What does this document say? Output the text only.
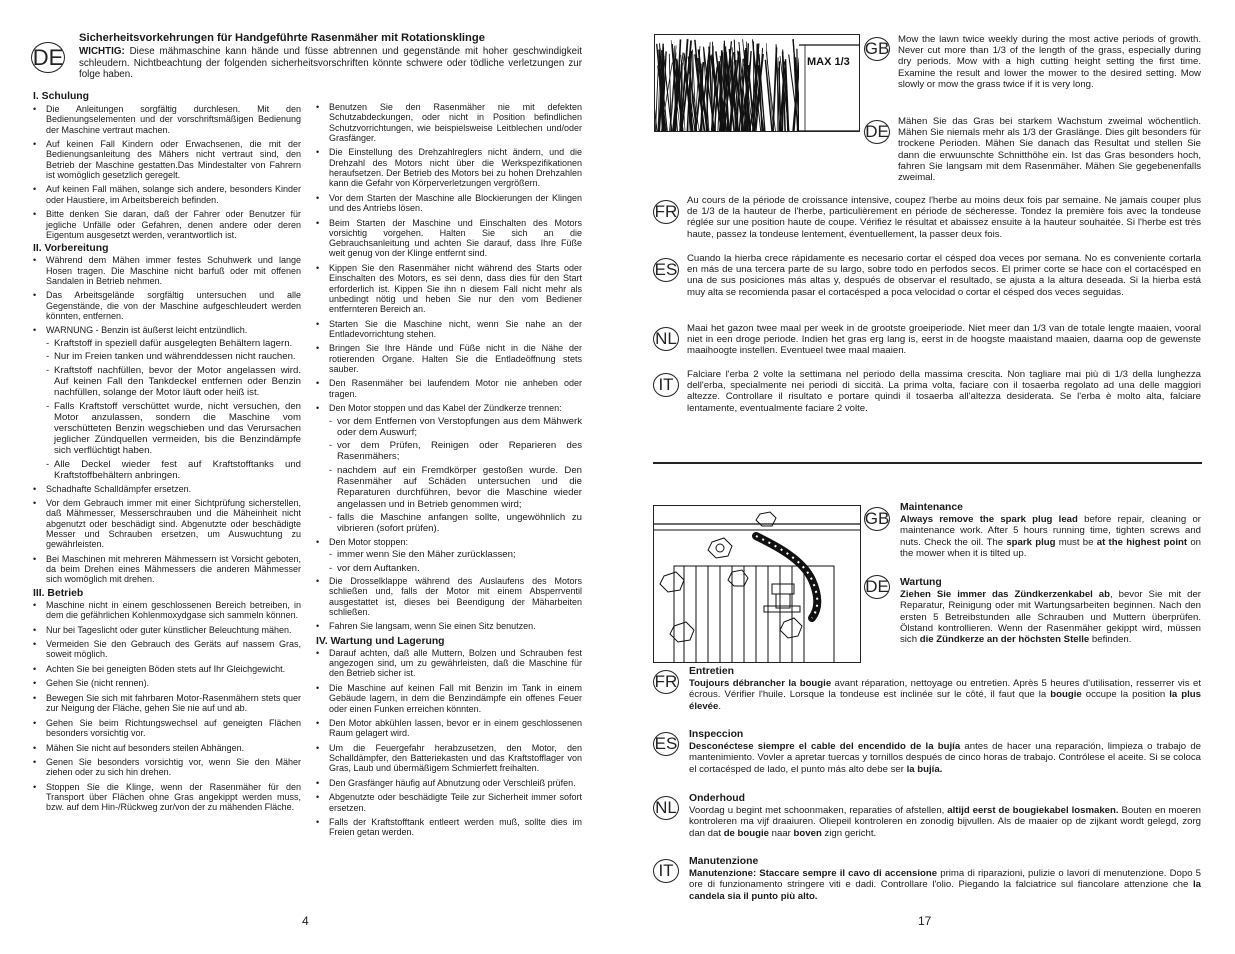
DE
Sicherheitsvorkehrungen für Handgeführte Rasenmäher mit Rotationsklinge
WICHTIG: Diese mähmaschine kann hände und füsse abtrennen und gegenstände mit hoher geschwindigkeit schleudern. Nichtbeachtung der folgenden sicherheitsvorschriften könnte schwere oder tödliche verletzungen zur folge haben.
I. Schulung
• Die Anleitungen sorgfältig durchlesen. Mit den Bedienungselementen und der vorschriftsmäßigen Bedienung der Maschine vertraut machen.
• Auf keinen Fall Kindern oder Erwachsenen, die mit der Bedienungsanleitung des Mähers nicht vertraut sind, den Betrieb der Maschine gestatten.Das Mindestalter von Fahrern ist womöglich gesetzlich geregelt.
• Auf keinen Fall mähen, solange sich andere, besonders Kinder oder Haustiere, im Arbeitsbereich befinden.
• Bitte denken Sie daran, daß der Fahrer oder Benutzer für jegliche Unfälle oder Gefahren, denen andere oder deren Eigentum ausgesetzt werden, verantwortlich ist.
II. Vorbereitung
• Während dem Mähen immer festes Schuhwerk und lange Hosen tragen. Die Maschine nicht barfuß oder mit offenen Sandalen in Betrieb nehmen.
• Das Arbeitsgelände sorgfältig untersuchen und alle Gegenstände, die von der Maschine aufgeschleudert werden könnten, entfernen.
• WARNUNG - Benzin ist äußerst leicht entzündlich.
- Kraftstoff in speziell dafür ausgelegten Behältern lagern.
- Nur im Freien tanken und währenddessen nicht rauchen.
- Kraftstoff nachfüllen, bevor der Motor angelassen wird. Auf keinen Fall den Tankdeckel entfernen oder Benzin nachfüllen, solange der Motor läuft oder heiß ist.
- Falls Kraftstoff verschüttet wurde, nicht versuchen, den Motor anzulassen, sondern die Maschine vom verschütteten Benzin wegschieben und das Verursachen jeglicher Zündquellen vermeiden, bis die Benzindämpfe sich verflüchtigt haben.
- Alle Deckel wieder fest auf Kraftstofftanks und Kraftstoffbehältern anbringen.
• Schadhafte Schalldämpfer ersetzen.
• Vor dem Gebrauch immer mit einer Sichtprüfung sicherstellen, daß Mähmesser, Messerschrauben und die Mäheinheit nicht abgenutzt oder beschädigt sind. Abgenutzte oder beschädigte Messer und Schrauben ersetzen, um Auswuchtung zu gewährleisten.
• Bei Maschinen mit mehreren Mähmessern ist Vorsicht geboten, da beim Drehen eines Mähmessers die anderen Mähmesser sich womöglich mit drehen.
III. Betrieb
• Maschine nicht in einem geschlossenen Bereich betreiben, in dem die gefährlichen Kohlenmoxydgase sich sammeln können.
• Nur bei Tageslicht oder guter künstlicher Beleuchtung mähen.
• Vermeiden Sie den Gebrauch des Geräts auf nassem Gras, soweit möglich.
• Achten Sie bei geneigten Böden stets auf Ihr Gleichgewicht.
• Gehen Sie (nicht rennen).
• Bewegen Sie sich mit fahrbaren Motor-Rasenmähern stets quer zur Neigung der Fläche, gehen Sie nie auf und ab.
• Gehen Sie beim Richtungswechsel auf geneigten Flächen besonders vorsichtig vor.
• Mähen Sie nicht auf besonders steilen Abhängen.
• Genen Sie besonders vorsichtig vor, wenn Sie den Mäher ziehen oder zu sich hin drehen.
• Stoppen Sie die Klinge, wenn der Rasenmäher für den Transport über Flächen ohne Gras angekippt werden muss, bzw. auf dem Hin-/Rückweg zur/von der zu mähenden Fläche.
• Benutzen Sie den Rasenmäher nie mit defekten Schutzabdeckungen, oder nicht in Position befindlichen Schutzvorrichtungen, wie beispielsweise Leitblechen und/oder Grasfänger.
• Die Einstellung des Drehzahlreglers nicht ändern, und die Drehzahl des Motors nicht über die Werkspezifikationen heraufsetzen. Der Betrieb des Motors bei zu hohen Drehzahlen kann die Gefahr von Körperverletzungen vergrößern.
• Vor dem Starten der Maschine alle Blockierungen der Klingen und des Antriebs lösen.
• Beim Starten der Maschine und Einschalten des Motors vorsichtig vorgehen. Halten Sie sich an die Gebrauchsanleitung und achten Sie darauf, dass Ihre Füße weit genug von der Klinge entfernt sind.
• Kippen Sie den Rasenmäher nicht während des Starts oder Einschalten des Motors, es sei denn, dass dies für den Start erforderlich ist. Kippen Sie ihn n diesem Fall nicht mehr als unbedingt nötig und heben Sie nur den vom Bediener entfernteren Bereich an.
• Starten Sie die Maschine nicht, wenn Sie nahe an der Entladevorrichtung stehen.
• Bringen Sie Ihre Hände und Füße nicht in die Nähe der rotierenden Organe. Halten Sie die Entladeöffnung stets sauber.
• Den Rasenmäher bei laufendem Motor nie anheben oder tragen.
• Den Motor stoppen und das Kabel der Zündkerze trennen:
- vor dem Entfernen von Verstopfungen aus dem Mähwerk oder dem Auswurf;
- vor dem Prüfen, Reinigen oder Reparieren des Rasenmähers;
- nachdem auf ein Fremdkörper gestoßen wurde. Den Rasenmäher auf Schäden untersuchen und die Reparaturen durchführen, bevor die Maschine wieder angelassen und in Betrieb genommen wird;
- falls die Maschine anfangen sollte, ungewöhnlich zu vibrieren (sofort prüfen).
• Den Motor stoppen:
- immer wenn Sie den Mäher zurücklassen;
- vor dem Auftanken.
• Die Drosselklappe während des Auslaufens des Motors schließen und, falls der Motor mit einem Absperrventil ausgestattet ist, dieses bei Beendigung der Mäharbeiten schließen.
• Fahren Sie langsam, wenn Sie einen Sitz benutzen.
IV. Wartung und Lagerung
• Darauf achten, daß alle Muttern, Bolzen und Schrauben fest angezogen sind, um zu gewährleisten, daß die Maschine für den Betrieb sicher ist.
• Die Maschine auf keinen Fall mit Benzin im Tank in einem Gebäude lagern, in dem die Benzindämpfe ein offenes Feuer oder einen Funken erreichen könnten.
• Den Motor abkühlen lassen, bevor er in einem geschlossenen Raum gelagert wird.
• Um die Feuergefahr herabzusetzen, den Motor, den Schalldämpfer, den Batteriekasten und das Kraftstofflager von Gras, Laub und übermäßigem Schmierfett freihalten.
• Den Grasfänger häufig auf Abnutzung oder Verschleiß prüfen.
• Abgenutzte oder beschädigte Teile zur Sicherheit immer sofort ersetzen.
• Falls der Kraftstofftank entleert werden muß, sollte dies im Freien getan werden.
4
MAX 1/3
GB Mow the lawn twice weekly during the most active periods of growth. Never cut more than 1/3 of the length of the grass, especially during dry periods. Mow with a high cutting height setting the first time. Examine the result and lower the mower to the desired setting. Mow slowly or mow the grass twice if it is very long.
DE
Mähen Sie das Gras bei starkem Wachstum zweimal wöchentlich. Mähen Sie niemals mehr als 1/3 der Graslänge. Dies gilt besonders für trockene Perioden. Mähen Sie danach das Resultat und stellen Sie dann die erwuunschte Schnitthöhe ein. Ist das Gras besonders hoch, fahren Sie langsam mit dem Rasenmäher. Mähen Sie gegebenenfalls zweimal.
FR
Au cours de la période de croissance intensive, coupez l'herbe au moins deux fois par semaine. Ne jamais couper plus de 1/3 de la hauteur de l'herbe, particulièrement en période de sécheresse. Tondez la première fois avec la tondeuse réglée sur une position haute de coupe. Vérifiez le résultat et abaissez ensuite à la hauteur souhaitée. Si l'herbe est très haute, passez la tondeuse lentement, éventuellement, la passer deux fois.
ES
Cuando la hierba crece rápidamente es necesario cortar el césped doa veces por semana. No es conveniente cortarla en más de una tercera parte de su largo, sobre todo en perfodos secos. El primer corte se hace con el cortacésped en una de sus posiciones más altas y, después de observar el resultado, se ajusta a la altura deseada. Si la hierba está muy alta se recomienda pasar el cortacésped a poca velocidad o cortar el césped dos veces seguidas.
NL
Maai het gazon twee maal per week in de grootste groeiperiode. Niet meer dan 1/3 van de totale lengte maaien, vooral niet in een droge periode. Indien het gras erg lang is, eerst in de hoogste maaistand maaien, daarna oop de gewenste maaihoogte instellen. Eventueel twee maal maaien.
IT
Falciare l'erba 2 volte la settimana nel periodo della massima crescita. Non tagliare mai più di 1/3 della lunghezza dell'erba, specialmente nei periodi di siccità. La prima volta, faciare con il tosaerba regolato ad una delle maggiori altezze. Controllare il risultato e portare quindi il tosaerba all'altezza desiderata. Se l'erba è molto alta, falciare lentamente, eventualmente faciare 2 volte.
GB
Maintenance
Always remove the spark plug lead before repair, cleaning or maintenance work. After 5 hours running time, tighten screws and nuts. Check the oil. The spark plug must be at the highest point on the mower when it is tilted up.
DE Wartung
Ziehen Sie immer das Zündkerzenkabel ab, bevor Sie mit der Reparatur, Reinigung oder mit Wartungsarbeiten beginnen. Nach den ersten 5 Betreibstunden alle Schrauben und Muttern überprüfen. Ölstand kontrollieren. Wenn der Rasenmäher gekippt wird, müssen sich die Zündkerze an der höchsten Stelle befinden.
FR
Entretien
Toujours débrancher la bougie avant réparation, nettoyage ou entretien. Après 5 heures d'utilisation, resserrer vis et écrous. Vérifier l'huile. Lorsque la tondeuse est inclinée sur le côté, il faut que la bougie occupe la position la plus élevée.
ES Inspeccion
Desconéctese siempre el cable del encendido de la bujía antes de hacer una reparación, limpieza o trabajo de mantenimiento. Vovler a apretar tuercas y tornillos después de cinco horas de trabajo. Contrólese el aceite. Si se coloca el cortacésped de lado, el punto más alto debe ser la bujía.
NL Onderhoud
Voordag u begint met schoonmaken, reparaties of afstellen, altijd eerst de bougiekabel losmaken. Bouten en moeren kontroleren ma vijf draaiuren. Oliepeil kontroleren en zonodig bijvullen. Als de maaier op de zijkant wordt gelegd, zorg dan dat de bougie naar boven zign gericht.
IT Manutenzione
Manutenzione: Staccare sempre il cavo di accensione prima di riparazioni, pulizie o lavori di menutenzione. Dopo 5 ore di funzionamento stringere viti e dadi. Controllare l'olio. Piegando la falciatrice sul fiancolare attenzione che la candela sia il punto più alto.
17
